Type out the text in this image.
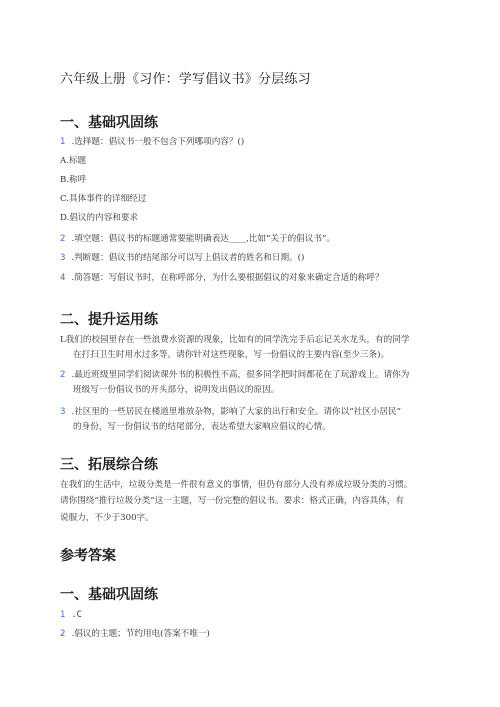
六年级上册《习作：学写倡议书》分层练习
一、基础巩固练
1 .选择题：倡议书一般不包含下列哪项内容？()
A.标题
B.称呼
C.具体事件的详细经过
D.倡议的内容和要求
2 .填空题：倡议书的标题通常要能明确表达____,比如“关于的倡议书”。
3 .判断题：倡议书的结尾部分可以写上倡议者的姓名和日期。()
4 .简答题：写倡议书时，在称呼部分，为什么要根据倡议的对象来确定合适的称呼？
二、提升运用练
L我们的校园里存在一些浪费水资源的现象，比如有的同学洗完手后忘记关水龙头，有的同学
在打扫卫生时用水过多等。请你针对这些现象，写一份倡议的主要内容(至少三条)。
2 .最近班级里同学们阅读课外书的积极性不高，很多同学把时间都花在了玩游戏上。请你为
班级写一份倡议书的开头部分，说明发出倡议的原因。
3 .社区里的一些居民在楼道里堆放杂物，影响了大家的出行和安全。请你以“社区小居民”
的身份，写一份倡议书的结尾部分，表达希望大家响应倡议的心情。
三、拓展综合练
在我们的生活中，垃圾分类是一件很有意义的事情，但仍有部分人没有养成垃圾分类的习惯。
请你围绕“推行垃圾分类”这一主题，写一份完整的倡议书。要求：格式正确，内容具体，有
说服力，不少于300字。
参考答案
一、基础巩固练
1 .C
2 .倡议的主题；节约用电(答案不唯一)
